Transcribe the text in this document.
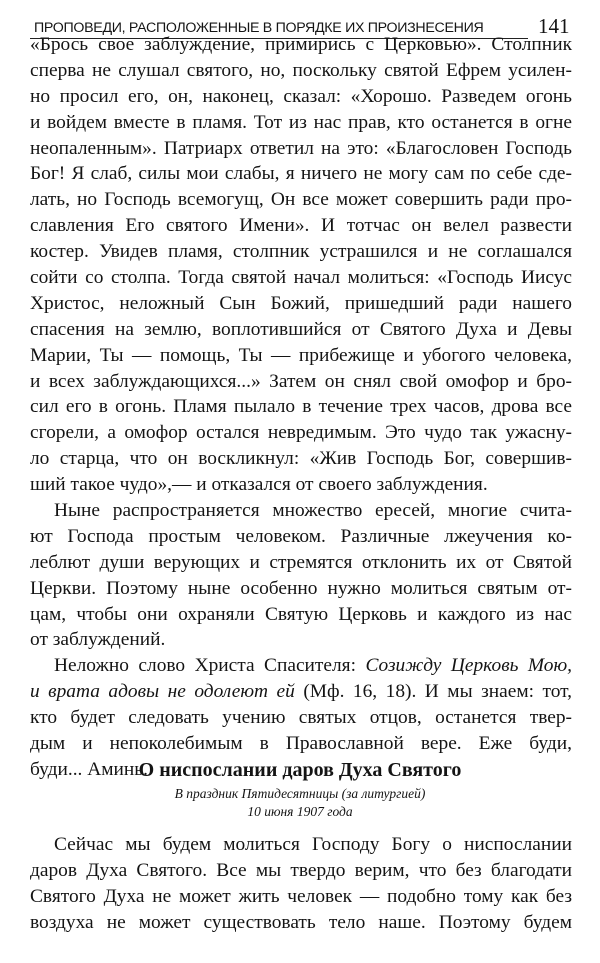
ПРОПОВЕДИ, РАСПОЛОЖЕННЫЕ В ПОРЯДКЕ ИХ ПРОИЗНЕСЕНИЯ	141
«Брось свое заблуждение, примирись с Церковью». Столпник
сперва не слушал святого, но, поскольку святой Ефрем усилен-
но просил его, он, наконец, сказал: «Хорошо. Разведем огонь
и войдем вместе в пламя. Тот из нас прав, кто останется в огне
неопаленным». Патриарх ответил на это: «Благословен Господь
Бог! Я слаб, силы мои слабы, я ничего не могу сам по себе сде-
лать, но Господь всемогущ, Он все может совершить ради про-
славления Его святого Имени». И тотчас он велел развести
костер. Увидев пламя, столпник устрашился и не соглашался
сойти со столпа. Тогда святой начал молиться: «Господь Иисус
Христос, неложный Сын Божий, пришедший ради нашего
спасения на землю, воплотившийся от Святого Духа и Девы
Марии, Ты — помощь, Ты — прибежище и убогого человека,
и всех заблуждающихся...» Затем он снял свой омофор и бро-
сил его в огонь. Пламя пылало в течение трех часов, дрова все
сгорели, а омофор остался невредимым. Это чудо так ужасну-
ло старца, что он воскликнул: «Жив Господь Бог, совершив-
ший такое чудо»,— и отказался от своего заблуждения.
Ныне распространяется множество ересей, многие счита-
ют Господа простым человеком. Различные лжеучения ко-
леблют души верующих и стремятся отклонить их от Святой
Церкви. Поэтому ныне особенно нужно молиться святым от-
цам, чтобы они охраняли Святую Церковь и каждого из нас
от заблуждений.
Неложно слово Христа Спасителя: Созижду Церковь Мою,
и врата адовы не одолеют ей (Мф. 16, 18). И мы знаем: тот,
кто будет следовать учению святых отцов, останется твер-
дым и непоколебимым в Православной вере. Еже буди,
буди... Аминь.
О ниспослании даров Духа Святого
В праздник Пятидесятницы (за литургией)
10 июня 1907 года
Сейчас мы будем молиться Господу Богу о ниспослании
даров Духа Святого. Все мы твердо верим, что без благодати
Святого Духа не может жить человек — подобно тому как без
воздуха не может существовать тело наше. Поэтому будем
